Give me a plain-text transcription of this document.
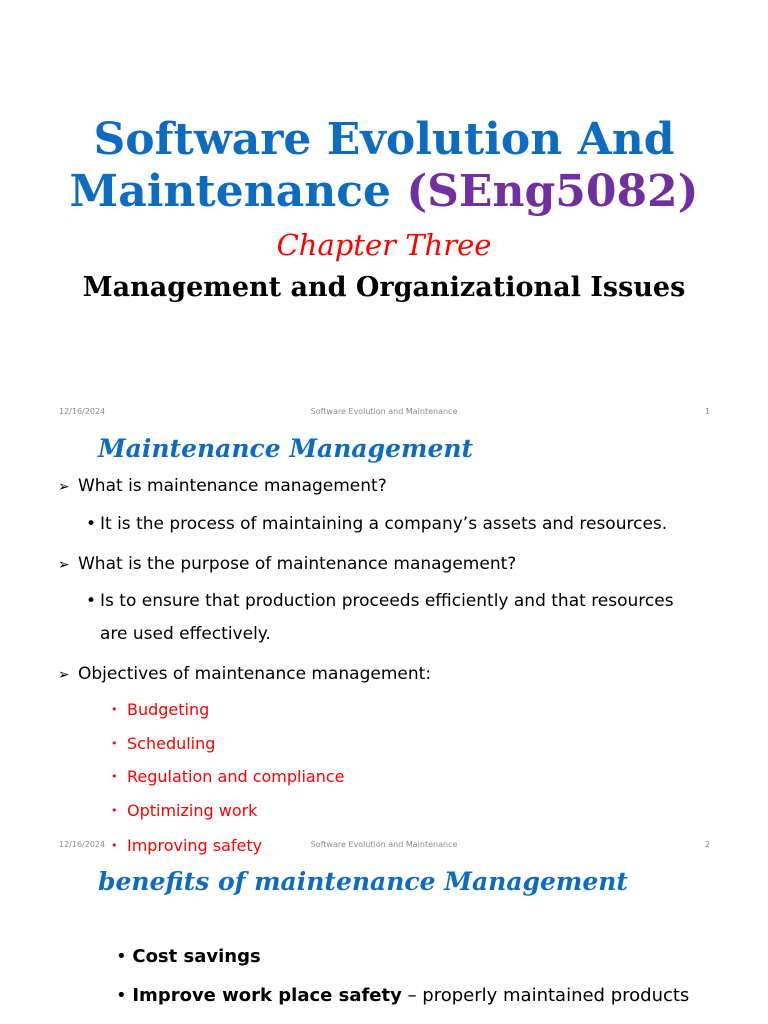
Software Evolution And
Maintenance (SEng5082)
Chapter Three
Management and Organizational Issues
12/16/2024	Software Evolution and Maintenance	1
Maintenance Management
➢ What is maintenance management?
• It is the process of maintaining a company’s assets and resources.
➢ What is the purpose of maintenance management?
• Is to ensure that production proceeds efficiently and that resources
are used effectively.
➢ Objectives of maintenance management:
• Budgeting
• Scheduling
• Regulation and compliance
• Optimizing work
• Improving safety
12/16/2024	Software Evolution and Maintenance	2
benefits of maintenance Management
• Cost savings
• Improve work place safety – properly maintained products
